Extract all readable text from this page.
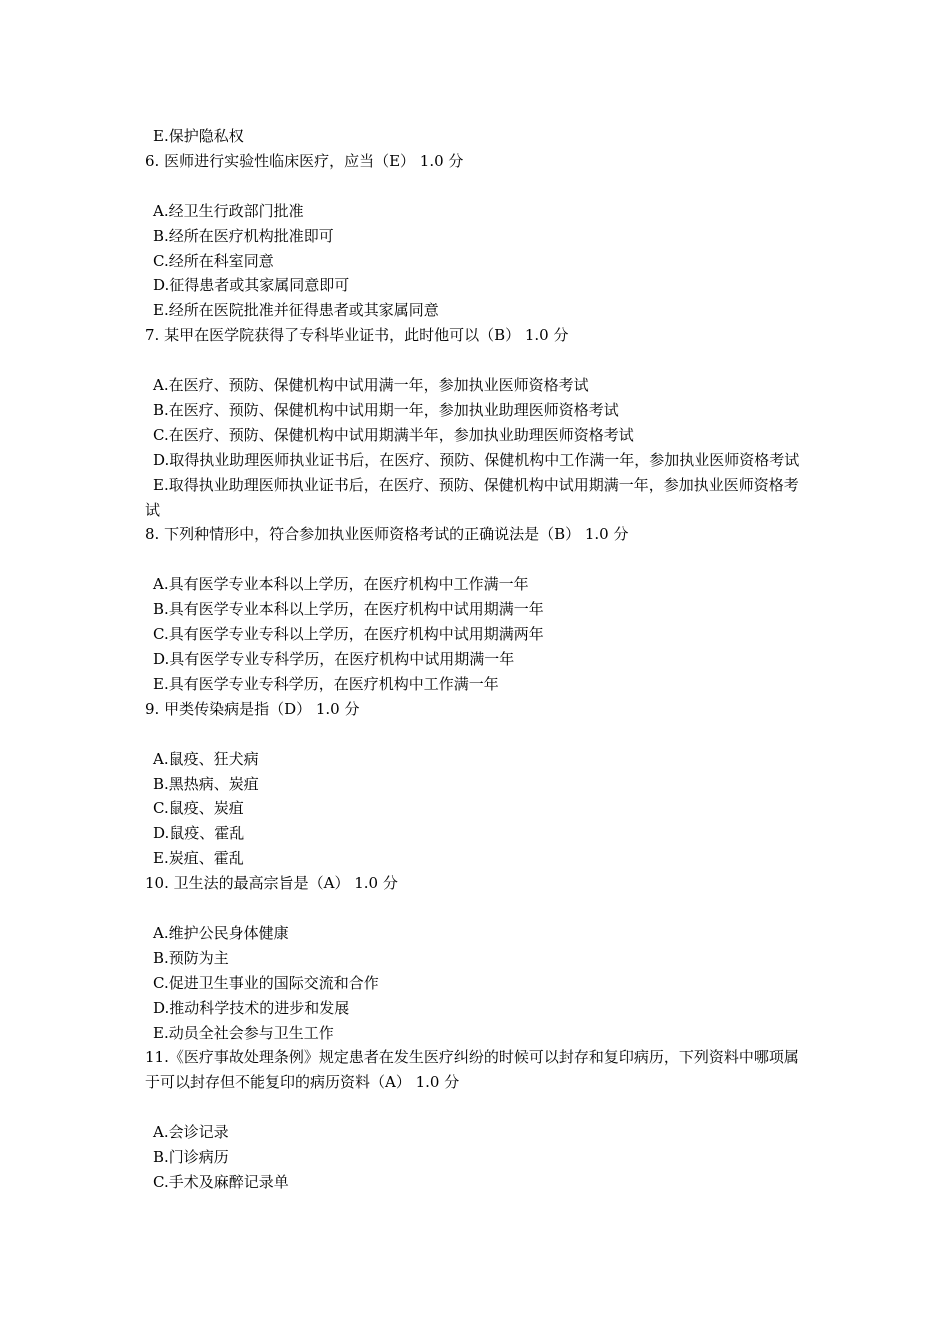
E.保护隐私权

6. 医师进行实验性临床医疗，应当（E） 1.0 分

A.经卫生行政部门批准

B.经所在医疗机构批准即可

C.经所在科室同意

D.征得患者或其家属同意即可

E.经所在医院批准并征得患者或其家属同意

7. 某甲在医学院获得了专科毕业证书，此时他可以（B） 1.0 分

A.在医疗、预防、保健机构中试用满一年，参加执业医师资格考试

B.在医疗、预防、保健机构中试用期一年，参加执业助理医师资格考试

C.在医疗、预防、保健机构中试用期满半年，参加执业助理医师资格考试

D.取得执业助理医师执业证书后，在医疗、预防、保健机构中工作满一年，参加执业医师资格考试

E.取得执业助理医师执业证书后，在医疗、预防、保健机构中试用期满一年，参加执业医师资格考试

8. 下列种情形中，符合参加执业医师资格考试的正确说法是（B） 1.0 分

A.具有医学专业本科以上学历，在医疗机构中工作满一年

B.具有医学专业本科以上学历，在医疗机构中试用期满一年

C.具有医学专业专科以上学历，在医疗机构中试用期满两年

D.具有医学专业专科学历，在医疗机构中试用期满一年

E.具有医学专业专科学历，在医疗机构中工作满一年

9. 甲类传染病是指（D） 1.0 分

A.鼠疫、狂犬病

B.黑热病、炭疽

C.鼠疫、炭疽

D.鼠疫、霍乱

E.炭疽、霍乱

10. 卫生法的最高宗旨是（A） 1.0 分

A.维护公民身体健康

B.预防为主

C.促进卫生事业的国际交流和合作

D.推动科学技术的进步和发展

E.动员全社会参与卫生工作

11.《医疗事故处理条例》规定患者在发生医疗纠纷的时候可以封存和复印病历，下列资料中哪项属于可以封存但不能复印的病历资料（A） 1.0 分

A.会诊记录

B.门诊病历

C.手术及麻醉记录单
